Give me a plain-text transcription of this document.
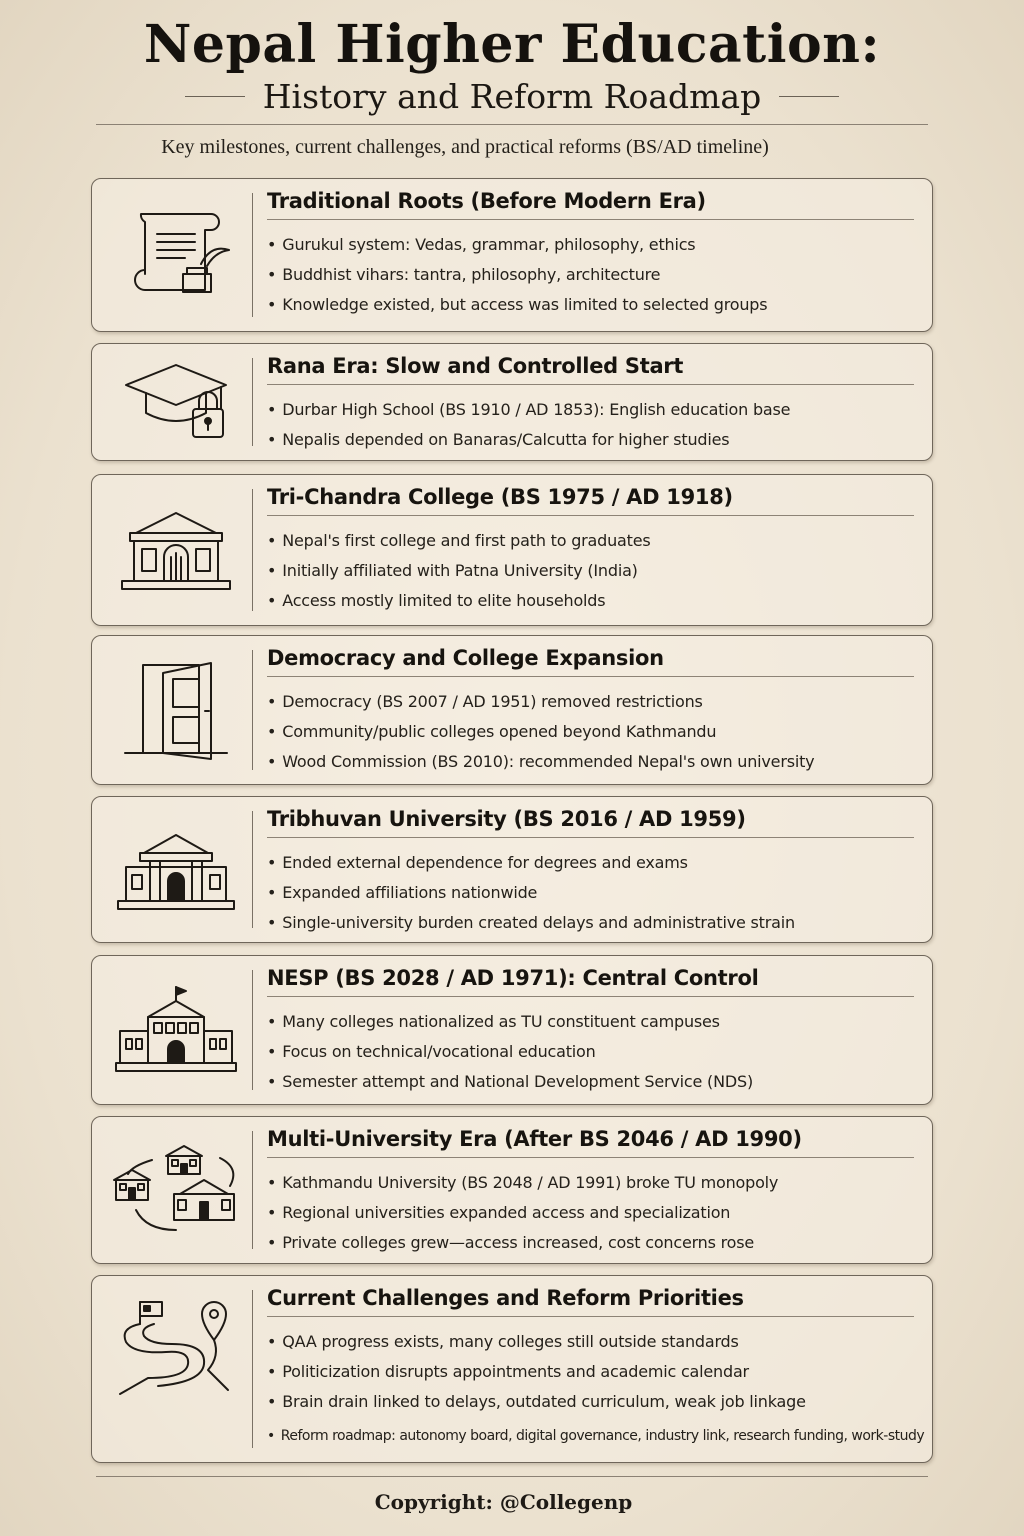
Nepal Higher Education:
History and Reform Roadmap
Key milestones, current challenges, and practical reforms (BS/AD timeline)
Traditional Roots (Before Modern Era)
• Gurukul system: Vedas, grammar, philosophy, ethics
• Buddhist vihars: tantra, philosophy, architecture
• Knowledge existed, but access was limited to selected groups
Rana Era: Slow and Controlled Start
• Durbar High School (BS 1910 / AD 1853): English education base
• Nepalis depended on Banaras/Calcutta for higher studies
Tri-Chandra College (BS 1975 / AD 1918)
• Nepal's first college and first path to graduates
• Initially affiliated with Patna University (India)
• Access mostly limited to elite households
Democracy and College Expansion
• Democracy (BS 2007 / AD 1951) removed restrictions
• Community/public colleges opened beyond Kathmandu
• Wood Commission (BS 2010): recommended Nepal's own university
Tribhuvan University (BS 2016 / AD 1959)
• Ended external dependence for degrees and exams
• Expanded affiliations nationwide
• Single-university burden created delays and administrative strain
NESP (BS 2028 / AD 1971): Central Control
• Many colleges nationalized as TU constituent campuses
• Focus on technical/vocational education
• Semester attempt and National Development Service (NDS)
Multi-University Era (After BS 2046 / AD 1990)
• Kathmandu University (BS 2048 / AD 1991) broke TU monopoly
• Regional universities expanded access and specialization
• Private colleges grew—access increased, cost concerns rose
Current Challenges and Reform Priorities
• QAA progress exists, many colleges still outside standards
• Politicization disrupts appointments and academic calendar
• Brain drain linked to delays, outdated curriculum, weak job linkage
• Reform roadmap: autonomy board, digital governance, industry link, research funding, work-study
Copyright: @Collegenp
